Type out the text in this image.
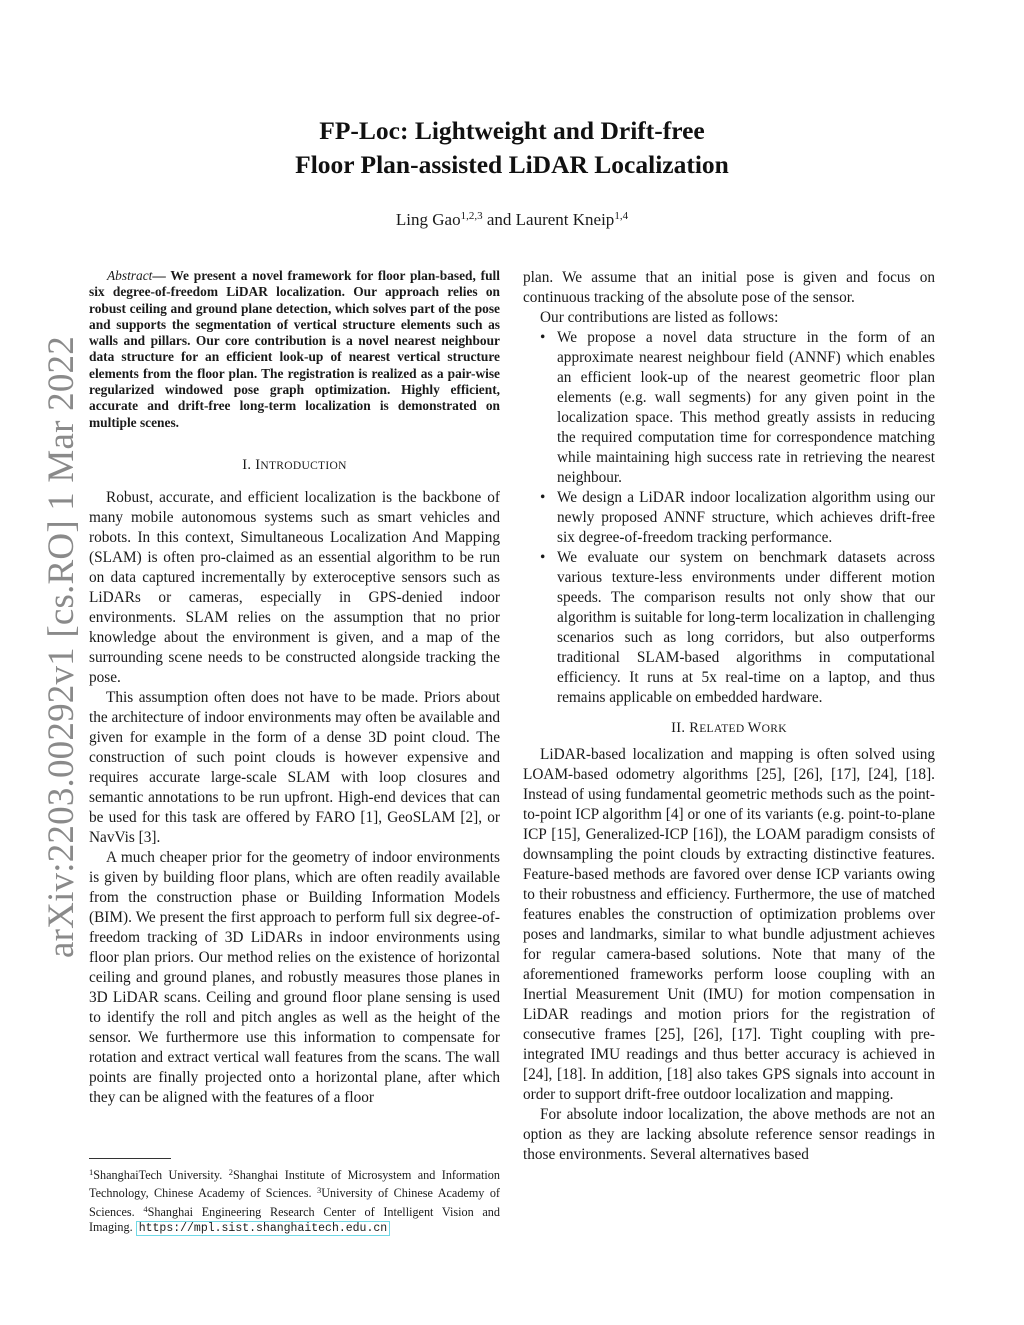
arXiv:2203.00292v1 [cs.RO] 1 Mar 2022
FP-Loc: Lightweight and Drift-free
Floor Plan-assisted LiDAR Localization
Ling Gao$^{1,2,3}$ and Laurent Kneip$^{1,4}$

Abstract— We present a novel framework for floor plan-based, full six degree-of-freedom LiDAR localization. Our approach relies on robust ceiling and ground plane detection, which solves part of the pose and supports the segmentation of vertical structure elements such as walls and pillars. Our core contribution is a novel nearest neighbour data structure for an efficient look-up of nearest vertical structure elements from the floor plan. The registration is realized as a pair-wise regularized windowed pose graph optimization. Highly efficient, accurate and drift-free long-term localization is demonstrated on multiple scenes.

I. INTRODUCTION

Robust, accurate, and efficient localization is the backbone of many mobile autonomous systems such as smart vehicles and robots. In this context, Simultaneous Localization And Mapping (SLAM) is often pro-claimed as an essential algorithm to be run on data captured incrementally by exteroceptive sensors such as LiDARs or cameras, especially in GPS-denied indoor environments. SLAM relies on the assumption that no prior knowledge about the environment is given, and a map of the surrounding scene needs to be constructed alongside tracking the pose.

This assumption often does not have to be made. Priors about the architecture of indoor environments may often be available and given for example in the form of a dense 3D point cloud. The construction of such point clouds is however expensive and requires accurate large-scale SLAM with loop closures and semantic annotations to be run upfront. High-end devices that can be used for this task are offered by FARO [1], GeoSLAM [2], or NavVis [3].

A much cheaper prior for the geometry of indoor environments is given by building floor plans, which are often readily available from the construction phase or Building Information Models (BIM). We present the first approach to perform full six degree-of-freedom tracking of 3D LiDARs in indoor environments using floor plan priors. Our method relies on the existence of horizontal ceiling and ground planes, and robustly measures those planes in 3D LiDAR scans. Ceiling and ground floor plane sensing is used to identify the roll and pitch angles as well as the height of the sensor. We furthermore use this information to compensate for rotation and extract vertical wall features from the scans. The wall points are finally projected onto a horizontal plane, after which they can be aligned with the features of a floor

$^1$ShanghaiTech University. $^2$Shanghai Institute of Microsystem and Information Technology, Chinese Academy of Sciences. $^3$University of Chinese Academy of Sciences. $^4$Shanghai Engineering Research Center of Intelligent Vision and Imaging. https://mpl.sist.shanghaitech.edu.cn

plan. We assume that an initial pose is given and focus on continuous tracking of the absolute pose of the sensor.

Our contributions are listed as follows:

• We propose a novel data structure in the form of an approximate nearest neighbour field (ANNF) which enables an efficient look-up of the nearest geometric floor plan elements (e.g. wall segments) for any given point in the localization space. This method greatly assists in reducing the required computation time for correspondence matching while maintaining high success rate in retrieving the nearest neighbour.
• We design a LiDAR indoor localization algorithm using our newly proposed ANNF structure, which achieves drift-free six degree-of-freedom tracking performance.
• We evaluate our system on benchmark datasets across various texture-less environments under different motion speeds. The comparison results not only show that our algorithm is suitable for long-term localization in challenging scenarios such as long corridors, but also outperforms traditional SLAM-based algorithms in computational efficiency. It runs at 5x real-time on a laptop, and thus remains applicable on embedded hardware.

II. RELATED WORK

LiDAR-based localization and mapping is often solved using LOAM-based odometry algorithms [25], [26], [17], [24], [18]. Instead of using fundamental geometric methods such as the point-to-point ICP algorithm [4] or one of its variants (e.g. point-to-plane ICP [15], Generalized-ICP [16]), the LOAM paradigm consists of downsampling the point clouds by extracting distinctive features. Feature-based methods are favored over dense ICP variants owing to their robustness and efficiency. Furthermore, the use of matched features enables the construction of optimization problems over poses and landmarks, similar to what bundle adjustment achieves for regular camera-based solutions. Note that many of the aforementioned frameworks perform loose coupling with an Inertial Measurement Unit (IMU) for motion compensation in LiDAR readings and motion priors for the registration of consecutive frames [25], [26], [17]. Tight coupling with pre-integrated IMU readings and thus better accuracy is achieved in [24], [18]. In addition, [18] also takes GPS signals into account in order to support drift-free outdoor localization and mapping.

For absolute indoor localization, the above methods are not an option as they are lacking absolute reference sensor readings in those environments. Several alternatives based
